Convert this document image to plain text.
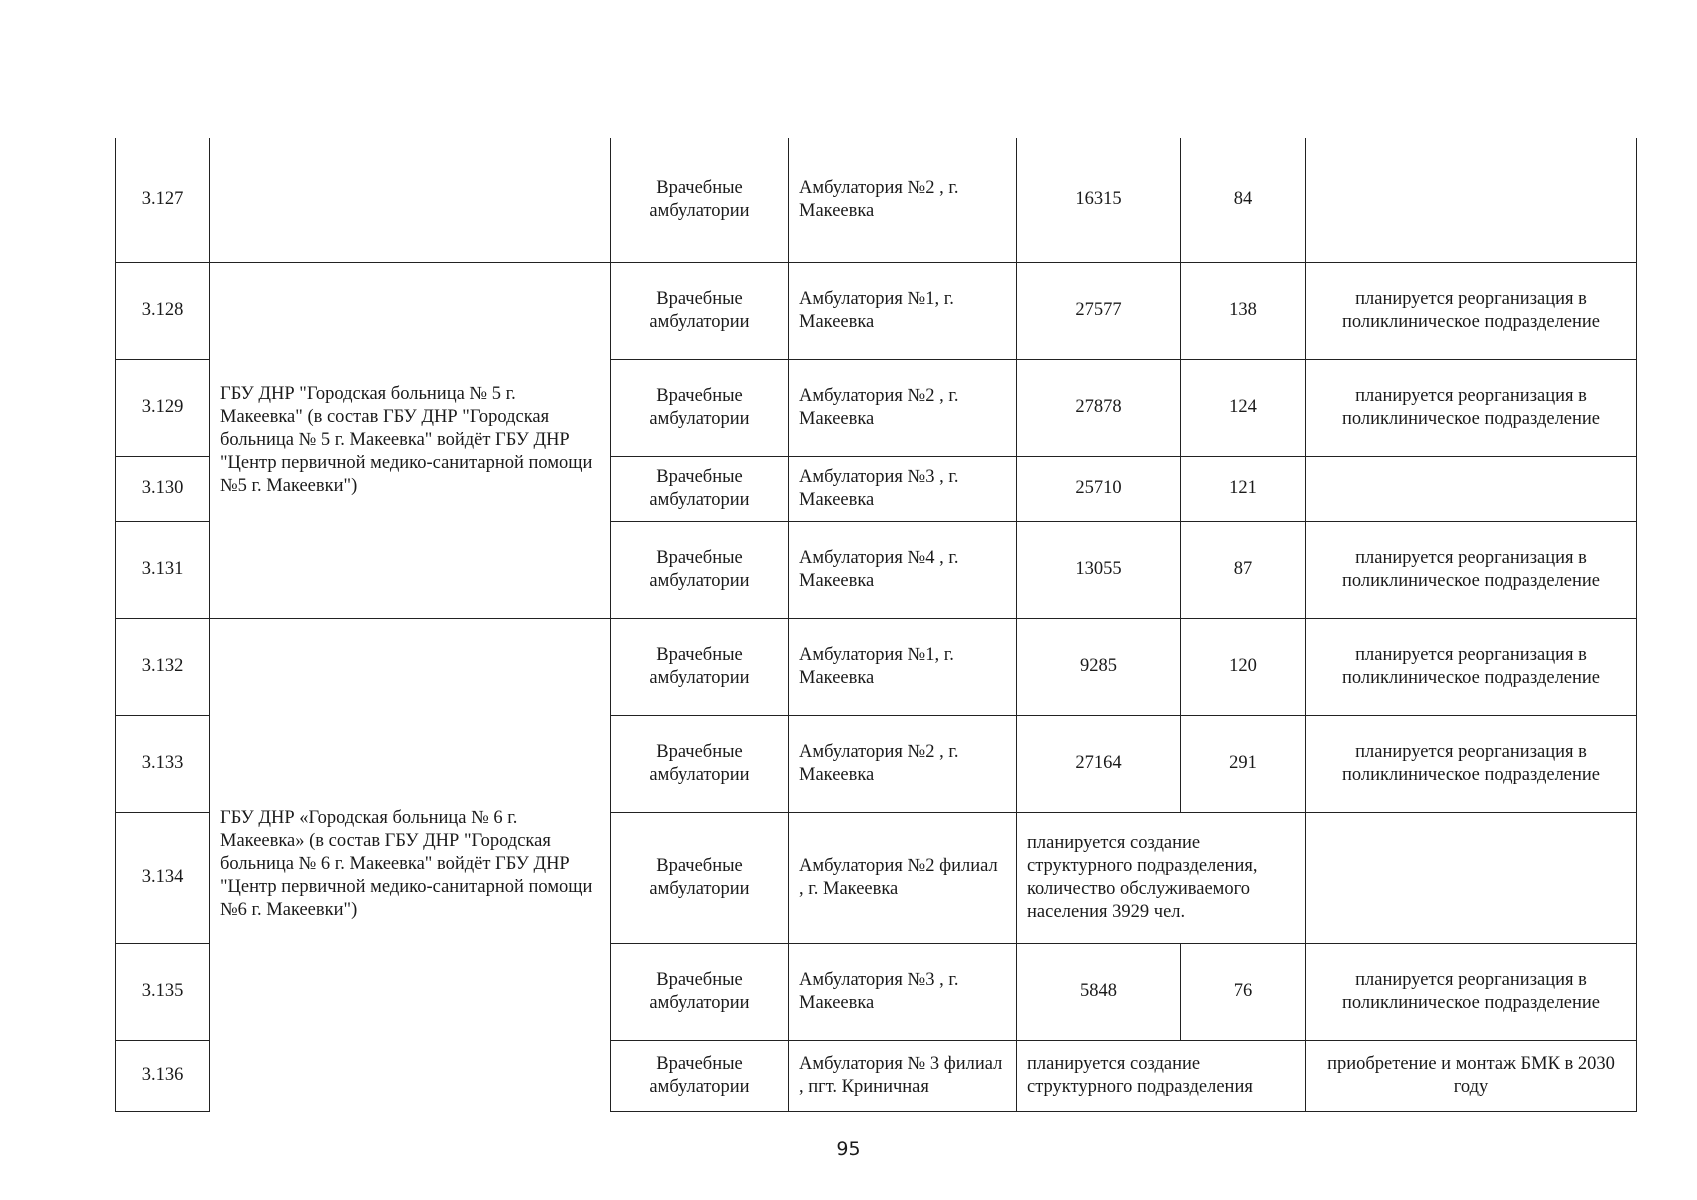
3.127		Врачебные амбулатории	Амбулатория №2 , г. Макеевка	16315	84	
3.128	ГБУ ДНР "Городская больница № 5 г. Макеевка" (в состав ГБУ ДНР "Городская больница № 5 г. Макеевка" войдёт ГБУ ДНР "Центр первичной медико-санитарной помощи №5 г. Макеевки")	Врачебные амбулатории	Амбулатория №1, г. Макеевка	27577	138	планируется реорганизация в поликлиническое подразделение
3.129		Врачебные амбулатории	Амбулатория №2 , г. Макеевка	27878	124	планируется реорганизация в поликлиническое подразделение
3.130		Врачебные амбулатории	Амбулатория №3 , г. Макеевка	25710	121	
3.131		Врачебные амбулатории	Амбулатория №4 , г. Макеевка	13055	87	планируется реорганизация в поликлиническое подразделение
3.132	ГБУ ДНР «Городская больница № 6 г. Макеевка» (в состав ГБУ ДНР "Городская больница № 6 г. Макеевка" войдёт ГБУ ДНР "Центр первичной медико-санитарной помощи №6 г. Макеевки")	Врачебные амбулатории	Амбулатория №1, г. Макеевка	9285	120	планируется реорганизация в поликлиническое подразделение
3.133		Врачебные амбулатории	Амбулатория №2 , г. Макеевка	27164	291	планируется реорганизация в поликлиническое подразделение
3.134		Врачебные амбулатории	Амбулатория №2 филиал , г. Макеевка	планируется создание структурного подразделения, количество обслуживаемого населения 3929 чел.		
3.135		Врачебные амбулатории	Амбулатория №3 , г. Макеевка	5848	76	планируется реорганизация в поликлиническое подразделение
3.136		Врачебные амбулатории	Амбулатория № 3 филиал , пгт. Криничная	планируется создание структурного подразделения		приобретение и монтаж БМК в 2030 году
95
